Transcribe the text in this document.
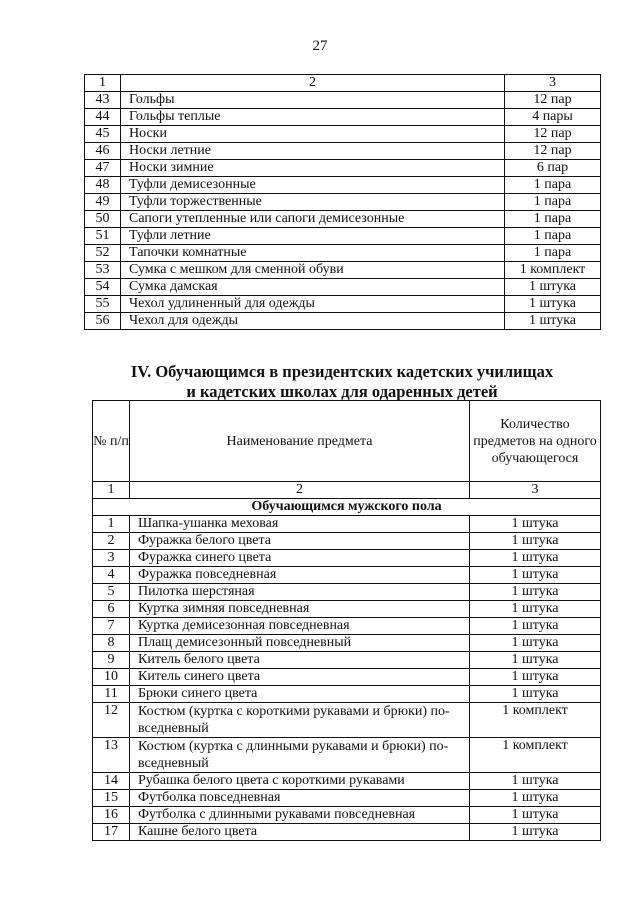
27
1	2	3
43	Гольфы	12 пар
44	Гольфы теплые	4 пары
45	Носки	12 пар
46	Носки летние	12 пар
47	Носки зимние	6 пар
48	Туфли демисезонные	1 пара
49	Туфли торжественные	1 пара
50	Сапоги утепленные или сапоги демисезонные	1 пара
51	Туфли летние	1 пара
52	Тапочки комнатные	1 пара
53	Сумка с мешком для сменной обуви	1 комплект
54	Сумка дамская	1 штука
55	Чехол удлиненный для одежды	1 штука
56	Чехол для одежды	1 штука
IV. Обучающимся в президентских кадетских училищах
и кадетских школах для одаренных детей
№ п/п	Наименование предмета	Количество предметов на одного обучающегося
1	2	3
Обучающимся мужского пола		
1	Шапка-ушанка меховая	1 штука
2	Фуражка белого цвета	1 штука
3	Фуражка синего цвета	1 штука
4	Фуражка повседневная	1 штука
5	Пилотка шерстяная	1 штука
6	Куртка зимняя повседневная	1 штука
7	Куртка демисезонная повседневная	1 штука
8	Плащ демисезонный повседневный	1 штука
9	Китель белого цвета	1 штука
10	Китель синего цвета	1 штука
11	Брюки синего цвета	1 штука
12	Костюм (куртка с короткими рукавами и брюки) повседневный	1 комплект
13	Костюм (куртка с длинными рукавами и брюки) повседневный	1 комплект
14	Рубашка белого цвета с короткими рукавами	1 штука
15	Футболка повседневная	1 штука
16	Футболка с длинными рукавами повседневная	1 штука
17	Кашне белого цвета	1 штука
